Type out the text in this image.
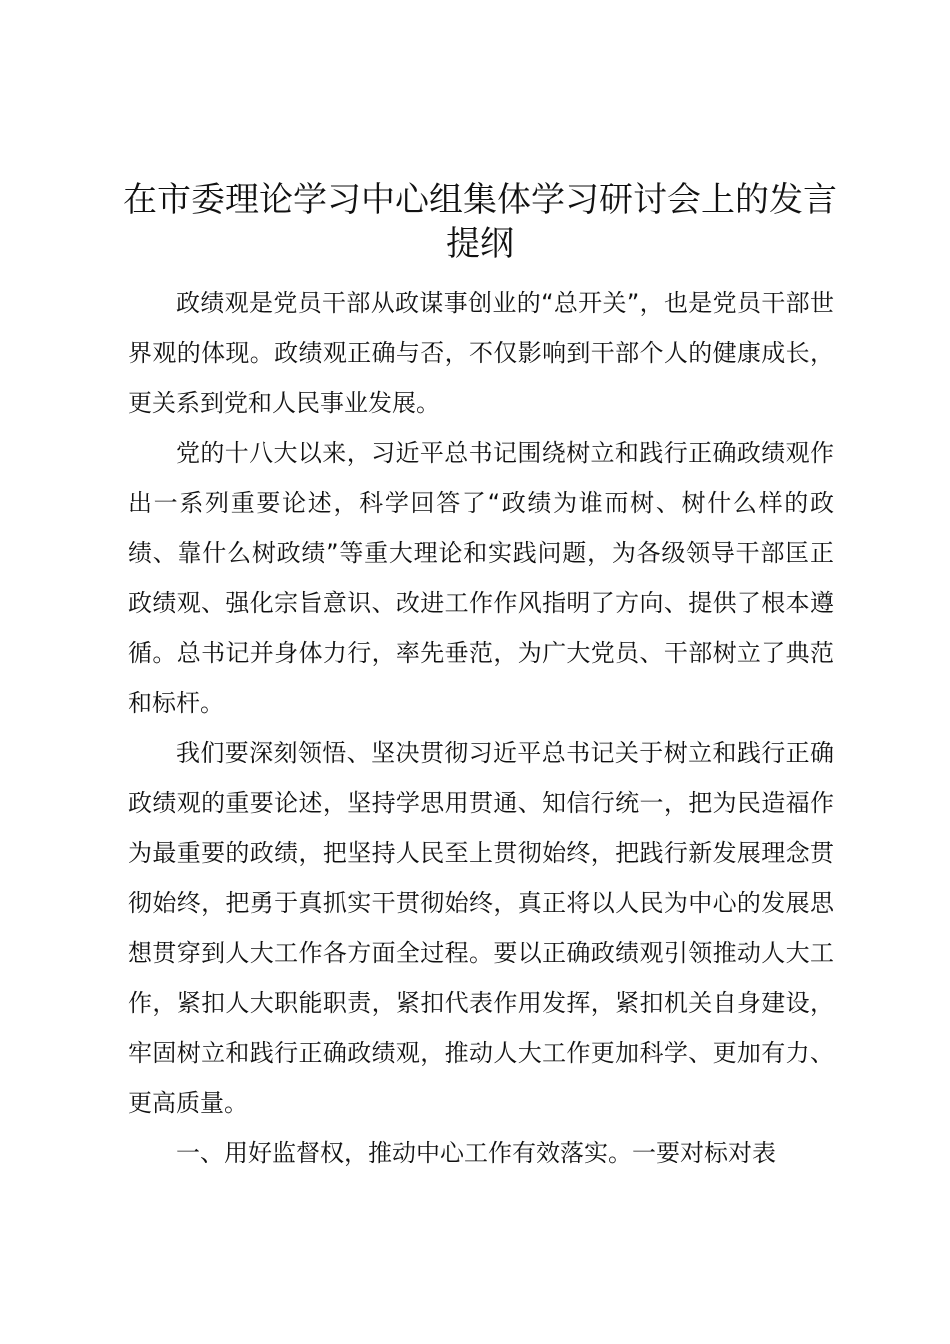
在市委理论学习中心组集体学习研讨会上的发言提纲

政绩观是党员干部从政谋事创业的“总开关”，也是党员干部世界观的体现。政绩观正确与否，不仅影响到干部个人的健康成长，更关系到党和人民事业发展。

党的十八大以来，习近平总书记围绕树立和践行正确政绩观作出一系列重要论述，科学回答了“政绩为谁而树、树什么样的政绩、靠什么树政绩”等重大理论和实践问题，为各级领导干部匡正政绩观、强化宗旨意识、改进工作作风指明了方向、提供了根本遵循。总书记并身体力行，率先垂范，为广大党员、干部树立了典范和标杆。

我们要深刻领悟、坚决贯彻习近平总书记关于树立和践行正确政绩观的重要论述，坚持学思用贯通、知信行统一，把为民造福作为最重要的政绩，把坚持人民至上贯彻始终，把践行新发展理念贯彻始终，把勇于真抓实干贯彻始终，真正将以人民为中心的发展思想贯穿到人大工作各方面全过程。要以正确政绩观引领推动人大工作，紧扣人大职能职责，紧扣代表作用发挥，紧扣机关自身建设，牢固树立和践行正确政绩观，推动人大工作更加科学、更加有力、更高质量。

一、用好监督权，推动中心工作有效落实。一要对标对表
